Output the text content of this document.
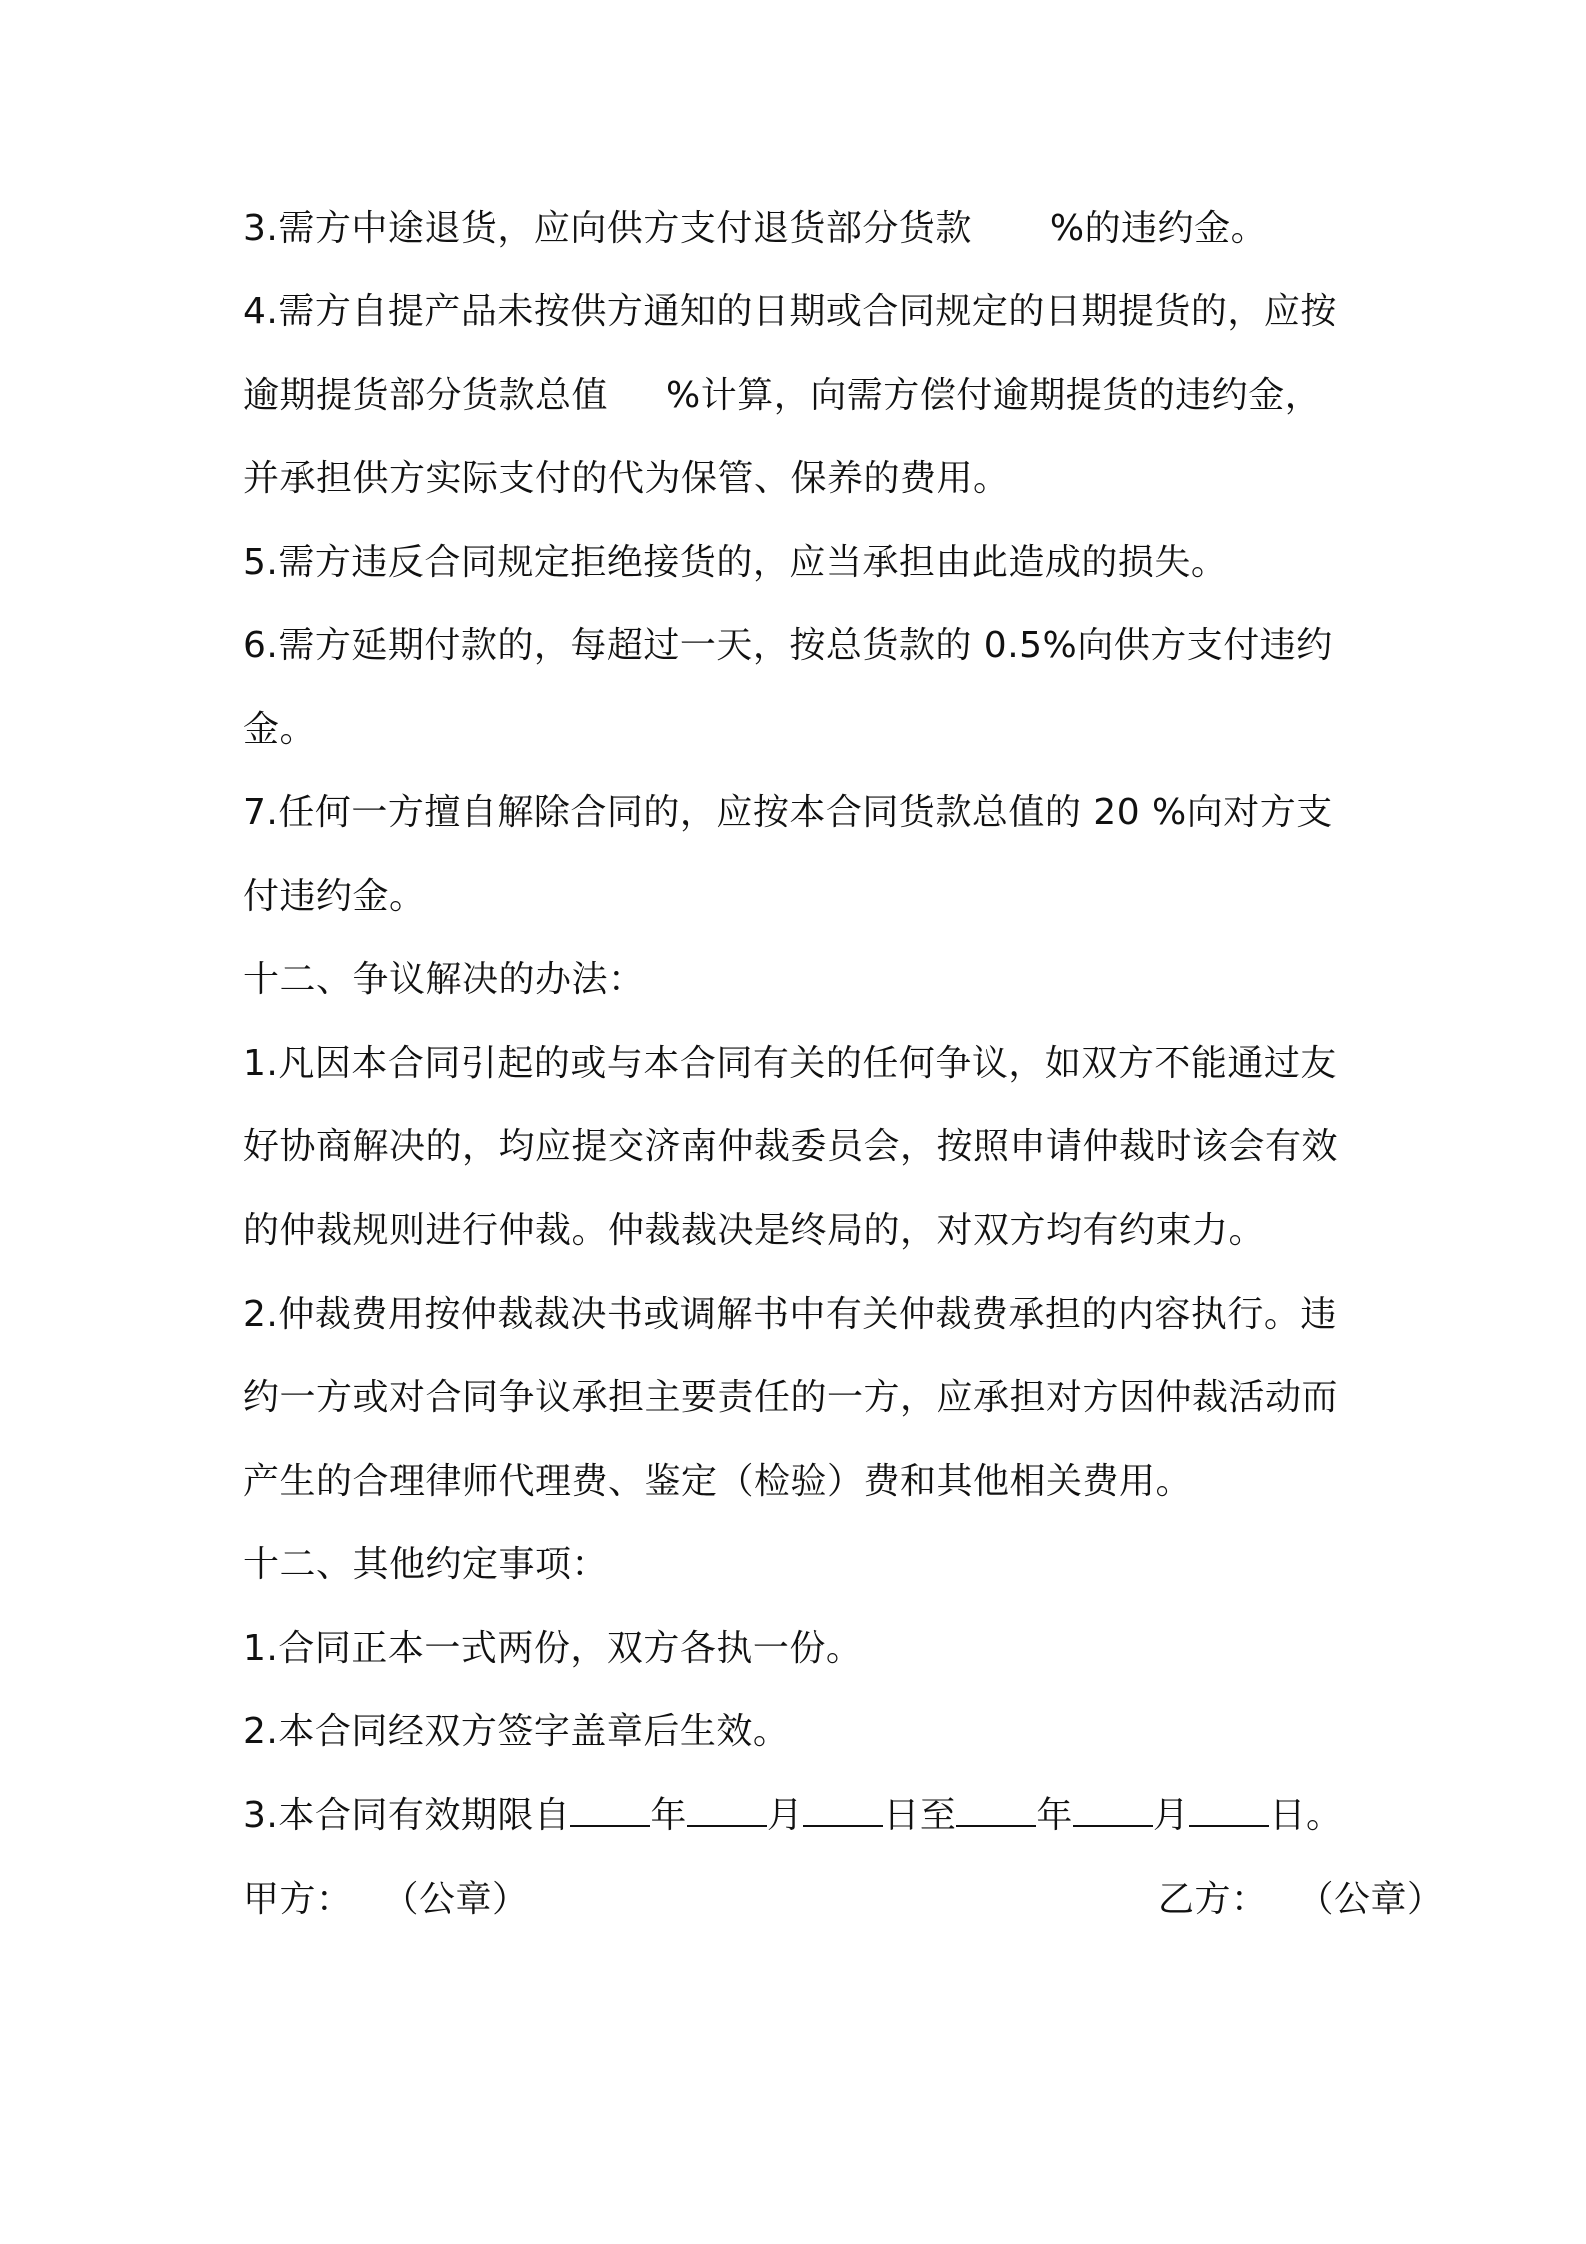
3.需方中途退货，应向供方支付退货部分货款 %的违约金。
4.需方自提产品未按供方通知的日期或合同规定的日期提货的，应按
逾期提货部分货款总值 %计算，向需方偿付逾期提货的违约金，
并承担供方实际支付的代为保管、保养的费用。
5.需方违反合同规定拒绝接货的，应当承担由此造成的损失。
6.需方延期付款的，每超过一天，按总货款的 0.5%向供方支付违约
金。
7.任何一方擅自解除合同的，应按本合同货款总值的 20 %向对方支
付违约金。
十二、争议解决的办法：
1.凡因本合同引起的或与本合同有关的任何争议，如双方不能通过友
好协商解决的，均应提交济南仲裁委员会，按照申请仲裁时该会有效
的仲裁规则进行仲裁。仲裁裁决是终局的，对双方均有约束力。
2.仲裁费用按仲裁裁决书或调解书中有关仲裁费承担的内容执行。违
约一方或对合同争议承担主要责任的一方，应承担对方因仲裁活动而
产生的合理律师代理费、鉴定（检验）费和其他相关费用。
十二、其他约定事项：
1.合同正本一式两份，双方各执一份。
2.本合同经双方签字盖章后生效。
3.本合同有效期限自 年 月 日至 年 月 日。
甲方： （公章）	乙方： （公章）
